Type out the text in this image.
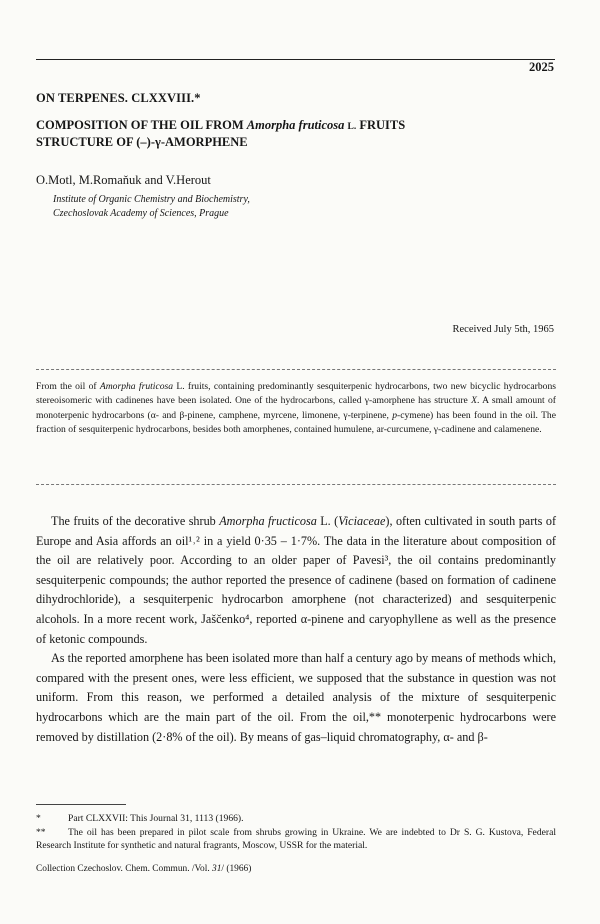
2025
ON TERPENES. CLXXVIII.*
COMPOSITION OF THE OIL FROM Amorpha fruticosa L. FRUITS
STRUCTURE OF (–)-γ-AMORPHENE
O.Motl, M.Romaňuk and V.Herout
Institute of Organic Chemistry and Biochemistry,
Czechoslovak Academy of Sciences, Prague
Received July 5th, 1965
From the oil of Amorpha fruticosa L. fruits, containing predominantly sesquiterpenic hydrocarbons, two new bicyclic hydrocarbons stereoisomeric with cadinenes have been isolated. One of the hydrocarbons, called γ-amorphene has structure X. A small amount of monoterpenic hydrocarbons (α- and β-pinene, camphene, myrcene, limonene, γ-terpinene, p-cymene) has been found in the oil. The fraction of sesquiterpenic hydrocarbons, besides both amorphenes, contained humulene, ar-curcumene, γ-cadinene and calamenene.

The fruits of the decorative shrub Amorpha fructicosa L. (Viciaceae), often cultivated in south parts of Europe and Asia affords an oil¹˒² in a yield 0·35 – 1·7%. The data in the literature about composition of the oil are relatively poor. According to an older paper of Pavesi³, the oil contains predominantly sesquiterpenic compounds; the author reported the presence of cadinene (based on formation of cadinene dihydrochloride), a sesquiterpenic hydrocarbon amorphene (not characterized) and sesquiterpenic alcohols. In a more recent work, Jaščenko⁴, reported α-pinene and caryophyllene as well as the presence of ketonic compounds.

As the reported amorphene has been isolated more than half a century ago by means of methods which, compared with the present ones, were less efficient, we supposed that the substance in question was not uniform. From this reason, we performed a detailed analysis of the mixture of sesquiterpenic hydrocarbons which are the main part of the oil. From the oil,** monoterpenic hydrocarbons were removed by distillation (2·8% of the oil). By means of gas–liquid chromatography, α- and β-

*	Part CLXXVII: This Journal 31, 1113 (1966).
** The oil has been prepared in pilot scale from shrubs growing in Ukraine. We are indebted to Dr S. G. Kustova, Federal Research Institute for synthetic and natural fragrants, Moscow, USSR for the material.
Collection Czechoslov. Chem. Commun. /Vol. 31/ (1966)
